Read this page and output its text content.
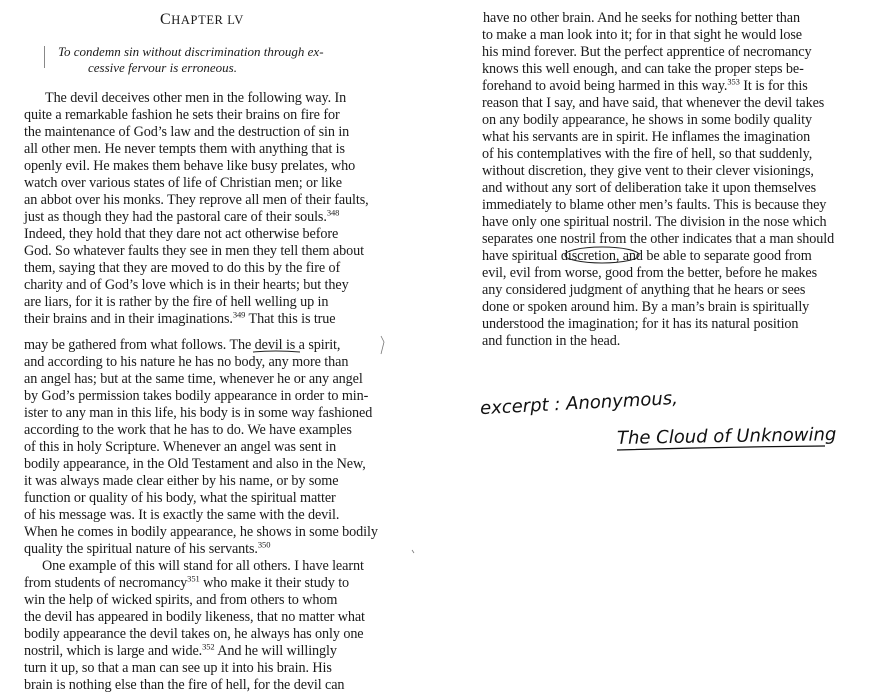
CHAPTER LV
To condemn sin without discrimination through ex-
cessive fervour is erroneous.
The devil deceives other men in the following way. In
quite a remarkable fashion he sets their brains on fire for
the maintenance of God’s law and the destruction of sin in
all other men. He never tempts them with anything that is
openly evil. He makes them behave like busy prelates, who
watch over various states of life of Christian men; or like
an abbot over his monks. They reprove all men of their faults,
just as though they had the pastoral care of their souls.$^{348}$
Indeed, they hold that they dare not act otherwise before
God. So whatever faults they see in men they tell them about
them, saying that they are moved to do this by the fire of
charity and of God’s love which is in their hearts; but they
are liars, for it is rather by the fire of hell welling up in
their brains and in their imaginations.$^{349}$ That this is true
may be gathered from what follows. The devil is a spirit,
and according to his nature he has no body, any more than
an angel has; but at the same time, whenever he or any angel
by God’s permission takes bodily appearance in order to min-
ister to any man in this life, his body is in some way fashioned
according to the work that he has to do. We have examples
of this in holy Scripture. Whenever an angel was sent in
bodily appearance, in the Old Testament and also in the New,
it was always made clear either by his name, or by some
function or quality of his body, what the spiritual matter
of his message was. It is exactly the same with the devil.
When he comes in bodily appearance, he shows in some bodily
quality the spiritual nature of his servants.$^{350}$
One example of this will stand for all others. I have learnt
from students of necromancy$^{351}$ who make it their study to
win the help of wicked spirits, and from others to whom
the devil has appeared in bodily likeness, that no matter what
bodily appearance the devil takes on, he always has only one
nostril, which is large and wide.$^{352}$ And he will willingly
turn it up, so that a man can see up it into his brain. His
brain is nothing else than the fire of hell, for the devil can
have no other brain. And he seeks for nothing better than
to make a man look into it; for in that sight he would lose
his mind forever. But the perfect apprentice of necromancy
knows this well enough, and can take the proper steps be-
forehand to avoid being harmed in this way.$^{353}$ It is for this
reason that I say, and have said, that whenever the devil takes
on any bodily appearance, he shows in some bodily quality
what his servants are in spirit. He inflames the imagination
of his contemplatives with the fire of hell, so that suddenly,
without discretion, they give vent to their clever visionings,
and without any sort of deliberation take it upon themselves
immediately to blame other men’s faults. This is because they
have only one spiritual nostril. The division in the nose which
separates one nostril from the other indicates that a man should
have spiritual discretion, and be able to separate good from
evil, evil from worse, good from the better, before he makes
any considered judgment of anything that he hears or sees
done or spoken around him. By a man’s brain is spiritually
understood the imagination; for it has its natural position
and function in the head.
excerpt : Anonymous,
The Cloud of Unknowing
